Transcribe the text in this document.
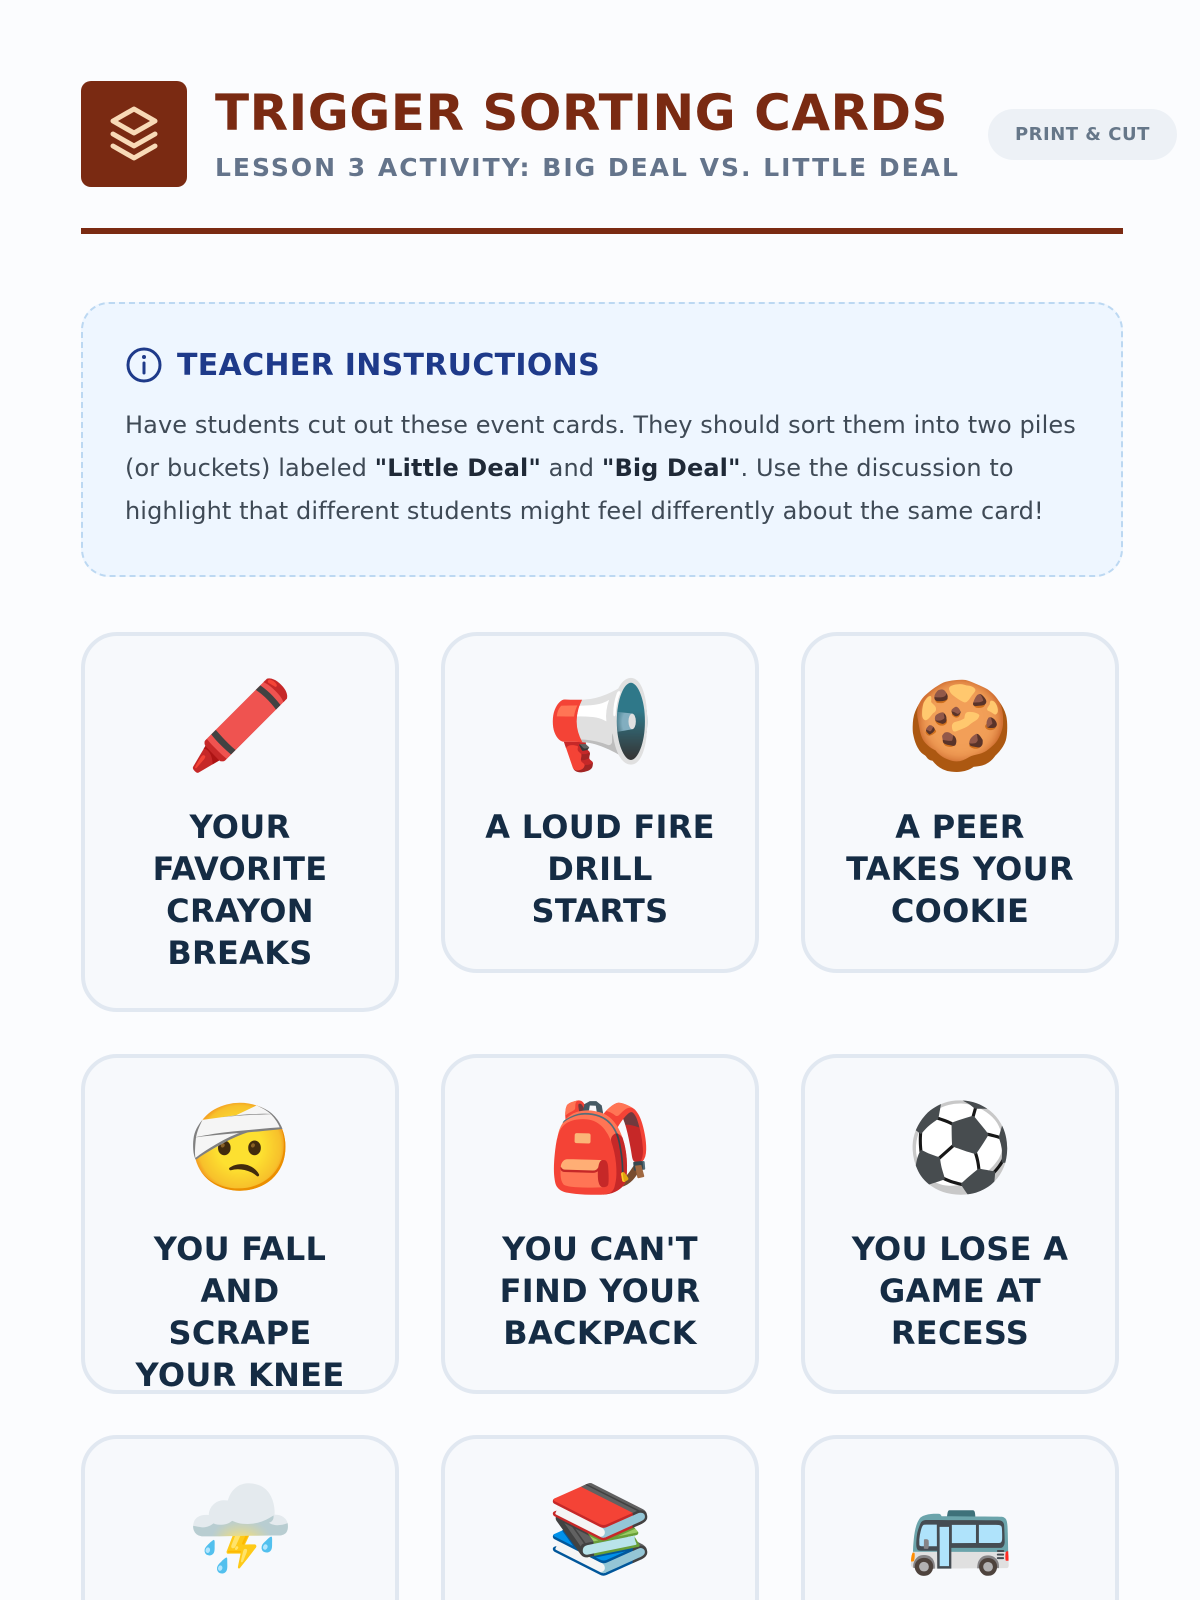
TRIGGER SORTING CARDS
LESSON 3 ACTIVITY: BIG DEAL VS. LITTLE DEAL
PRINT & CUT
TEACHER INSTRUCTIONS
Have students cut out these event cards. They should sort them into two piles (or buckets) labeled "Little Deal" and "Big Deal". Use the discussion to highlight that different students might feel differently about the same card!
🖍️
YOUR FAVORITE CRAYON BREAKS
📢
A LOUD FIRE DRILL STARTS
🍪
A PEER TAKES YOUR COOKIE
🤕
YOU FALL AND SCRAPE YOUR KNEE
🎒
YOU CAN'T FIND YOUR BACKPACK
⚽
YOU LOSE A GAME AT RECESS
⛈️	📚	🚌
